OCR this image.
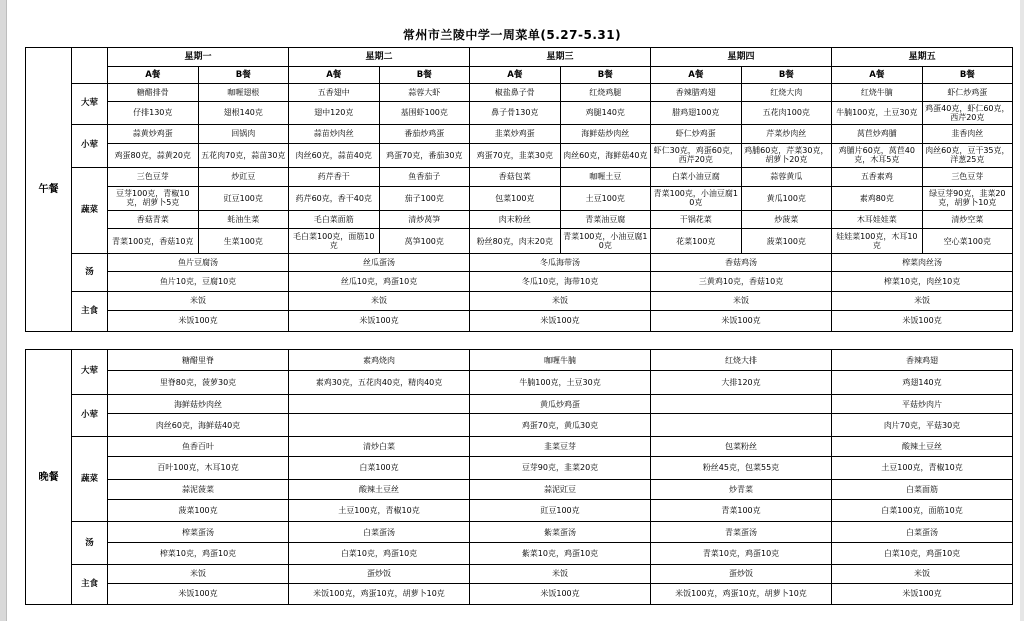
常州市兰陵中学一周菜单(5.27-5.31)
午餐		星期一		星期二		星期三		星期四		星期五	
		A餐	B餐	A餐	B餐	A餐	B餐	A餐	B餐	A餐	B餐
	大荤	糖醋排骨	咖喱翅根	五香翅中	蒜蓉大虾	椒盐鼻子骨	红烧鸡腿	香辣腊鸡翅	红烧大肉	红烧牛腩	虾仁炒鸡蛋
		仔排130克	翅根140克	翅中120克	基围虾100克	鼻子骨130克	鸡腿140克	腊鸡翅100克	五花肉100克	牛腩100克，土豆30克	鸡蛋40克，虾仁60克，西芹20克
	小荤	蒜黄炒鸡蛋	回锅肉	蒜苗炒肉丝	番茄炒鸡蛋	韭菜炒鸡蛋	海鲜菇炒肉丝	虾仁炒鸡蛋	芹菜炒肉丝	莴苣炒鸡脯	韭香肉丝
		鸡蛋80克，蒜黄20克	五花肉70克，蒜苗30克	肉丝60克，蒜苗40克	鸡蛋70克，番茄30克	鸡蛋70克，韭菜30克	肉丝60克，海鲜菇40克	虾仁30克，鸡蛋60克，西芹20克	鸡脯60克，芹菜30克，胡萝卜20克	鸡脯片60克，莴苣40克，木耳5克	肉丝60克，豆干35克，洋葱25克
	蔬菜	三色豆芽	炒豇豆	药芹香干	鱼香茄子	香菇包菜	咖喱土豆	白菜小油豆腐	蒜蓉黄瓜	五香素鸡	三色豆芽
		豆芽100克，青椒10克，胡萝卜5克	豇豆100克	药芹60克，香干40克	茄子100克	包菜100克	土豆100克	青菜100克，小油豆腐10克	黄瓜100克	素鸡80克	绿豆芽90克，韭菜20克，胡萝卜10克
		香菇青菜	蚝油生菜	毛白菜面筋	清炒莴笋	肉末粉丝	青菜油豆腐	干锅花菜	炒菠菜	木耳娃娃菜	清炒空菜
		青菜100克，香菇10克	生菜100克	毛白菜100克，面筋10克	莴笋100克	粉丝80克，肉末20克	青菜100克，小油豆腐10克	花菜100克	菠菜100克	娃娃菜100克，木耳10克	空心菜100克
	汤	鱼片豆腐汤		丝瓜蛋汤		冬瓜海带汤		香菇鸡汤		榨菜肉丝汤	
		鱼片10克，豆腐10克		丝瓜10克，鸡蛋10克		冬瓜10克，海带10克		三黄鸡10克，香菇10克		榨菜10克，肉丝10克	
	主食	米饭		米饭		米饭		米饭		米饭	
		米饭100克		米饭100克		米饭100克		米饭100克		米饭100克	
晚餐	大荤	糖醋里脊	素鸡烧肉	咖喱牛腩	红烧大排	香辣鸡翅
		里脊80克，菠萝30克	素鸡30克，五花肉40克，精肉40克	牛腩100克，土豆30克	大排120克	鸡翅140克
	小荤	海鲜菇炒肉丝		黄瓜炒鸡蛋		平菇炒肉片
		肉丝60克，海鲜菇40克		鸡蛋70克，黄瓜30克		肉片70克，平菇30克
	蔬菜	鱼香百叶	清炒白菜	韭菜豆芽	包菜粉丝	酸辣土豆丝
		百叶100克，木耳10克	白菜100克	豆芽90克，韭菜20克	粉丝45克，包菜55克	土豆100克，青椒10克
		蒜泥菠菜	酸辣土豆丝	蒜泥豇豆	炒青菜	白菜面筋
		菠菜100克	土豆100克，青椒10克	豇豆100克	青菜100克	白菜100克，面筋10克
	汤	榨菜蛋汤	白菜蛋汤	紫菜蛋汤	青菜蛋汤	白菜蛋汤
		榨菜10克，鸡蛋10克	白菜10克，鸡蛋10克	紫菜10克，鸡蛋10克	青菜10克，鸡蛋10克	白菜10克，鸡蛋10克
	主食	米饭	蛋炒饭	米饭	蛋炒饭	米饭
		米饭100克	米饭100克，鸡蛋10克，胡萝卜10克	米饭100克	米饭100克，鸡蛋10克，胡萝卜10克	米饭100克
